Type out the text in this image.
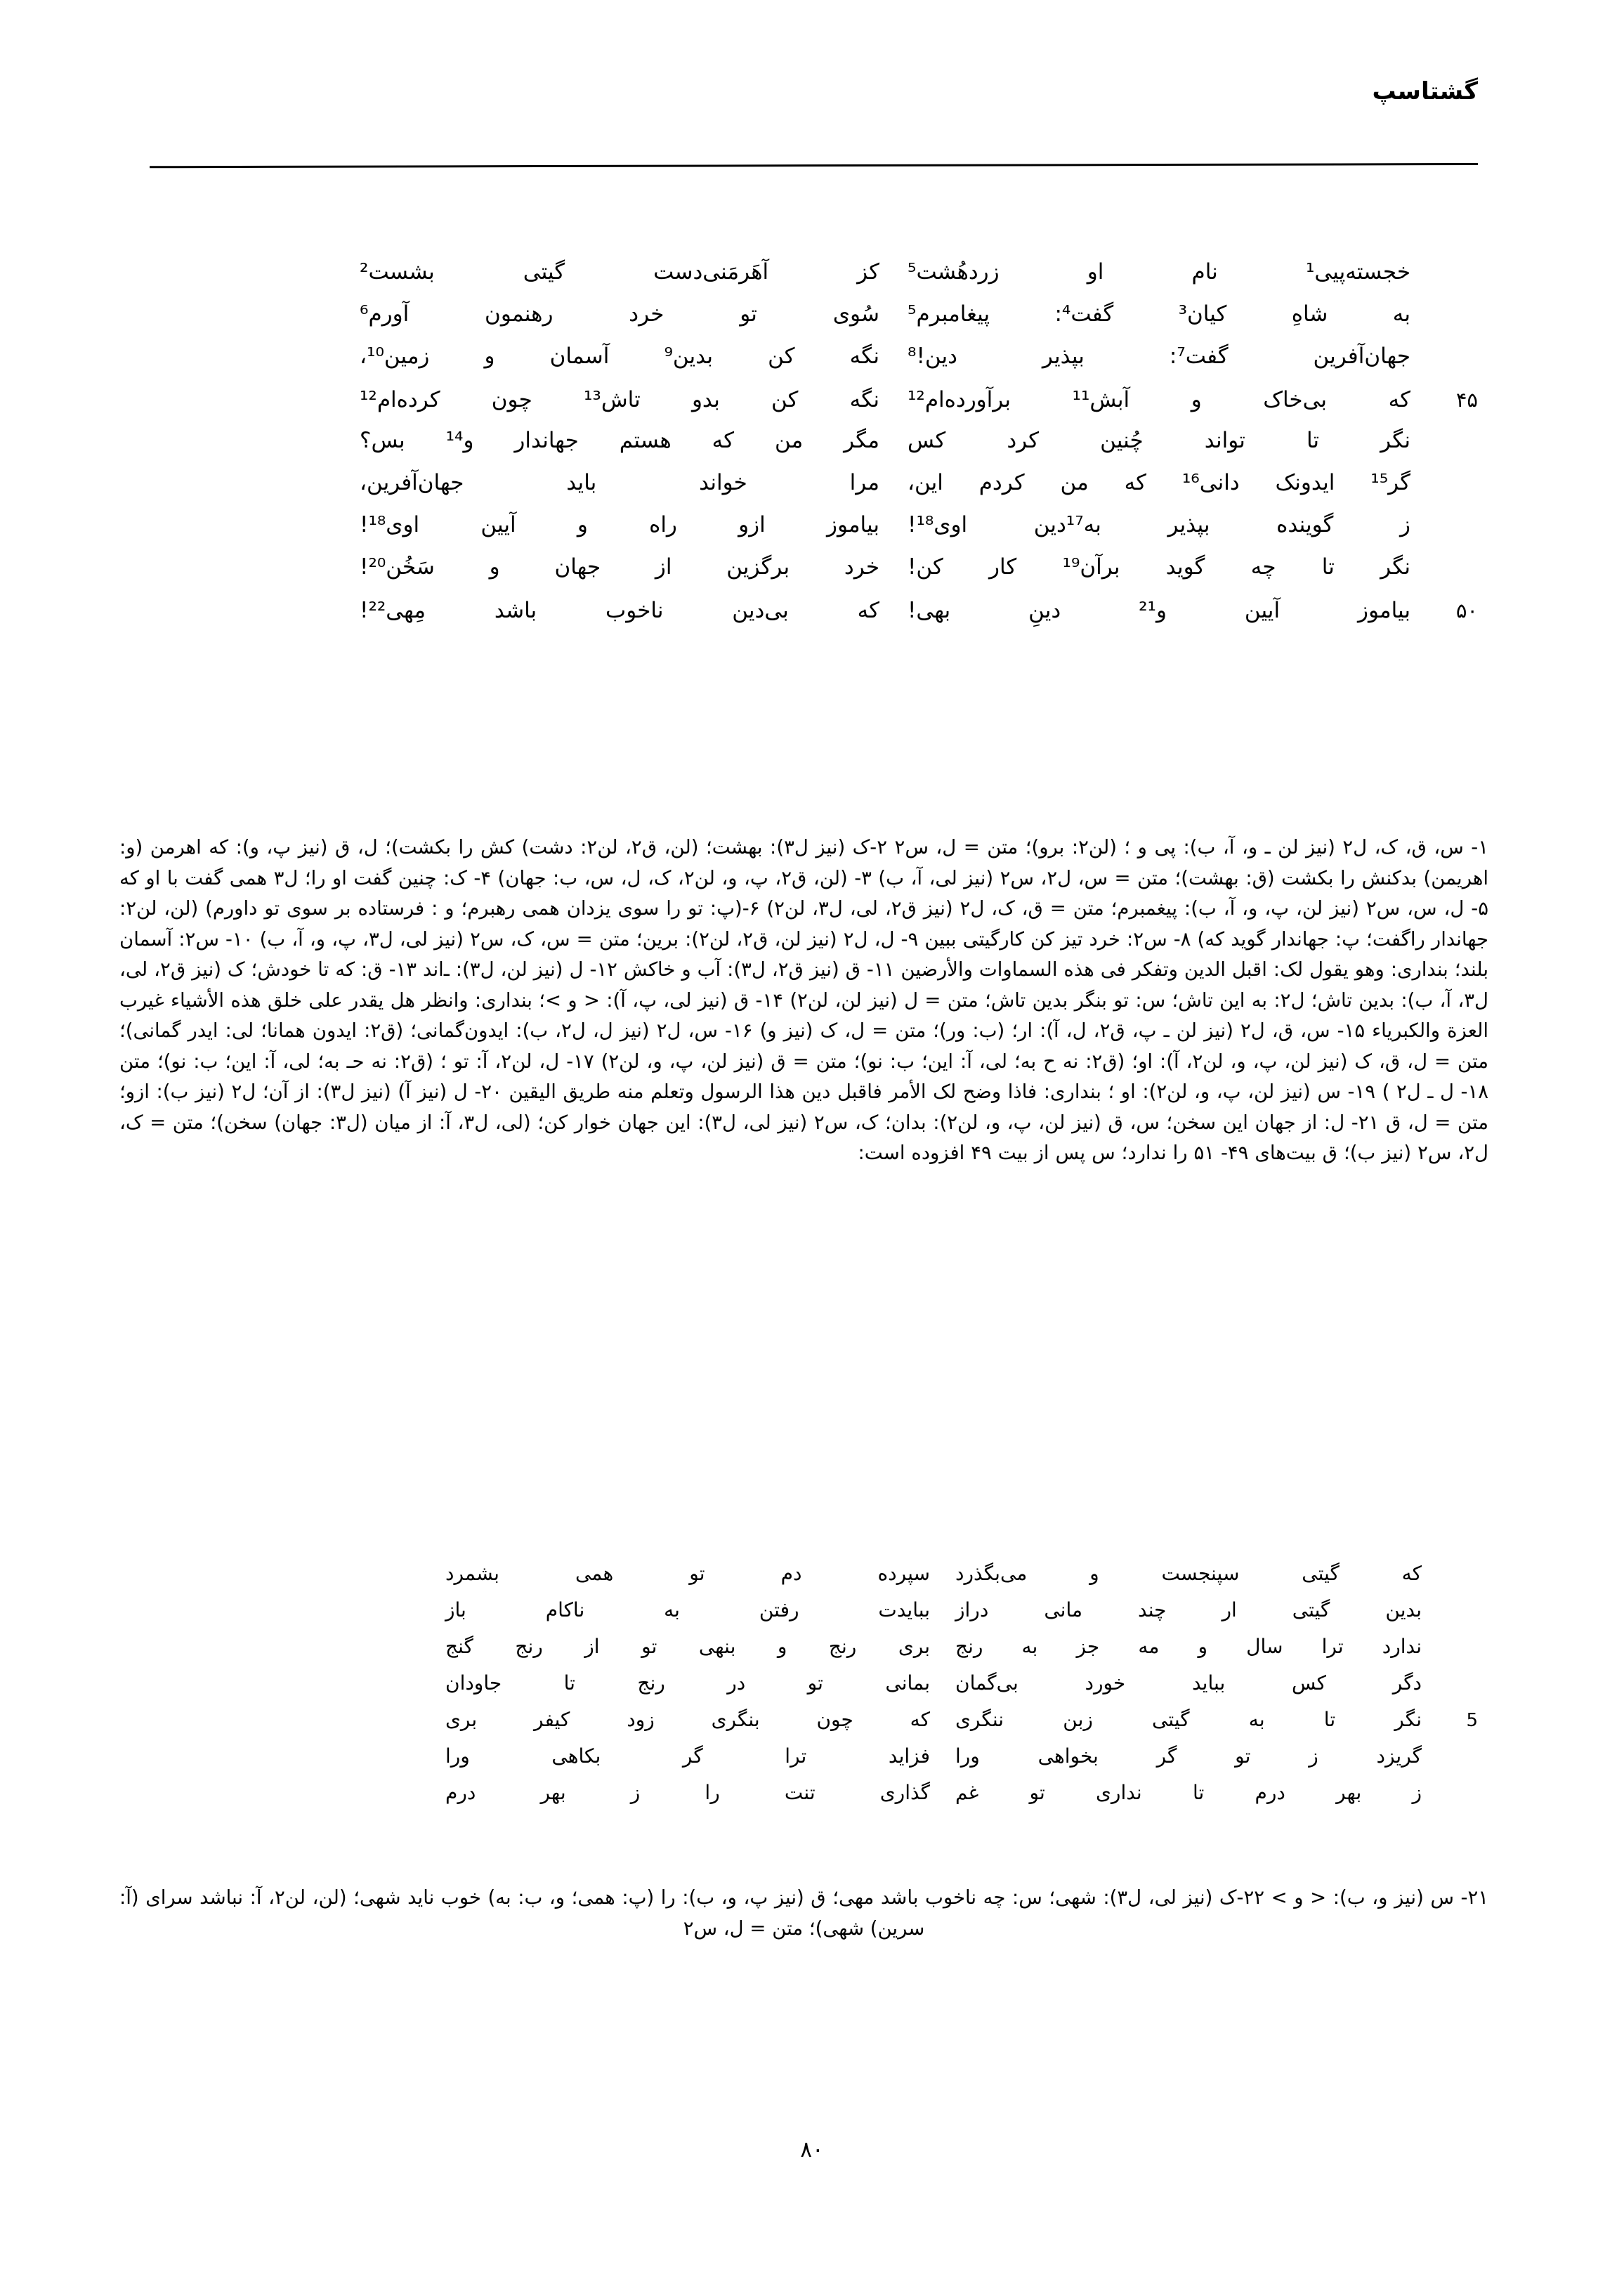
گشتاسپ
خجسته‌پیی¹ نام او زردهُشت⁵
کز آهَرمَنی‌دست گیتی بشست²
به شاهِ کیان³ گفت⁴: پیغامبرم⁵
سُوی تو خرد رهنمون آورم⁶
جهان‌آفرین گفت⁷: بپذیر دین!⁸
نگه کن بدین⁹ آسمان و زمین¹⁰،
۴۵
که بی‌خاک و آبش¹¹ برآورده‌ام¹²
نگه کن بدو تاش¹³ چون کرده‌ام¹²
نگر تا تواند چُنین کرد کس
مگر من که هستم جهاندار و¹⁴ بس؟
گر¹⁵ ایدونک دانی¹⁶ که من کردم این،
مرا خواند باید جهان‌آفرین،
ز گوینده بپذیر به¹⁷دین اوی¹⁸!
بیاموز ازو راه و آیین اوی¹⁸!
نگر تا چه گوید بر‌آن¹⁹ کار کن!
خرد برگزین از جهان و سَخُن²⁰!
۵۰
بیاموز آیین و²¹ دینِ بهی!
که بی‌دین ناخوب باشد مِهی²²!
۱- س، ق، ک، ل۲ (نیز لن ـ و، آ، ب): پی و ؛ (لن۲: برو)؛ متن = ل، س۲ ۲-ک (نیز ل۳): بهشت؛ (لن، ق۲، لن۲: دشت) کش را بکشت)؛ ل، ق (نیز پ، و): که اهرمن (و: اهریمن) بدکنش را بکشت (ق: بهشت)؛ متن = س، ل۲، س۲ (نیز لی، آ، ب) ۳- (لن، ق۲، پ، و، لن۲، ک، ل، س، ب: جهان) ۴- ک: چنین گفت او را؛ ل۳ همی گفت با او که ۵- ل، س، س۲ (نیز لن، پ، و، آ، ب): پیغمبرم؛ متن = ق، ک، ل۲ (نیز ق۲، لی، ل۳، لن۲) ۶-(پ: تو را سوی یزدان همی رهبرم؛ و : فرستاده بر سوی تو داورم) (لن، لن۲: جهاندار راگفت؛ پ: جهاندار گوید که) ۸- س۲: خرد تیز کن کارگیتی ببین ۹- ل، ل۲ (نیز لن، ق۲، لن۲): برین؛ متن = س، ک، س۲ (نیز لی، ل۳، پ، و، آ، ب) ۱۰- س۲: آسمان بلند؛ بنداری: وهو یقول لک: اقبل الدین وتفکر فی هذه السماوات والأرضین ۱۱- ق (نیز ق۲، ل۳): آب و خاکش ۱۲- ل (نیز لن، ل۳): ـ‌اند ۱۳- ق: که تا خودش؛ ک (نیز ق۲، لی، ل۳، آ، ب): بدین تاش؛ ل۲: به این تاش؛ س: تو بنگر بدین تاش؛ متن = ل (نیز لن، لن۲) ۱۴- ق (نیز لی، پ، آ): < و >؛ بنداری: وانظر هل یقدر علی خلق هذه الأشیاء غیرب العزة والکبریاء ۱۵- س، ق، ل۲ (نیز لن ـ پ، ق۲، ل، آ): ار؛ (ب: ور)؛ متن = ل، ک (نیز و) ۱۶- س، ل۲ (نیز ل، ل۲، ب): ایدون‌گمانی؛ (ق۲: ایدون همانا؛ لی: ایدر گمانی)؛ متن = ل، ق، ک (نیز لن، پ، و، لن۲، آ): او؛ (ق۲: نه ح به؛ لی، آ: این؛ ب: نو)؛ متن = ق (نیز لن، پ، و، لن۲) ۱۷- ل، لن۲، آ: تو ؛ (ق۲: نه حـ به؛ لی، آ: این؛ ب: نو)؛ متن ۱۸- ل ـ ل۲ ) ۱۹- س (نیز لن، پ، و، لن۲): او ؛ بنداری: فاذا وضح لک الأمر فاقبل دین هذا الرسول وتعلم منه طریق الیقین ۲۰- ل (نیز آ) (نیز ل۳): از آن؛ ل۲ (نیز ب): ازو؛ متن = ل، ق ۲۱- ل: از جهان این سخن؛ س، ق (نیز لن، پ، و، لن۲): بدان؛ ک، س۲ (نیز لی، ل۳): این جهان خوار کن؛ (لی، ل۳، آ: از میان (ل۳: جهان) سخن)؛ متن = ک، ل۲، س۲ (نیز ب)؛ ق بیت‌های ۴۹- ۵۱ را ندارد؛ س پس از بیت ۴۹ افزوده است:
که گیتی سپنجست و می‌بگذرد
سپرده دم تو همی بشمرد
بدین گیتی ار چند مانی دراز
بباید‌ت رفتن به ناکام باز
ندارد ترا سال و مه جز به رنج
بری رنج و بنهی تو از رنج گنج
دگر کس بباید خورد بی‌گمان
بمانی تو در رنج تا جاودان
5
نگر تا به گیتی زبن ننگری
که چون بنگری زود کیفر بری
گریزد ز تو گر بخواهی ورا
فزاید ترا گر بکاهی ورا
ز بهر درم تا نداری تو غم
گذاری تنت را ز بهر درم
۲۱- س (نیز و، ب): < و > ۲۲-ک (نیز لی، ل۳): شهی؛ س: چه ناخوب باشد مهی؛ ق (نیز پ، و، ب): را (پ: همی؛ و، ب: به) خوب ناید شهی؛ (لن، لن۲، آ: نباشد سرای (آ: سرین) شهی)؛ متن = ل، س۲
۸۰
